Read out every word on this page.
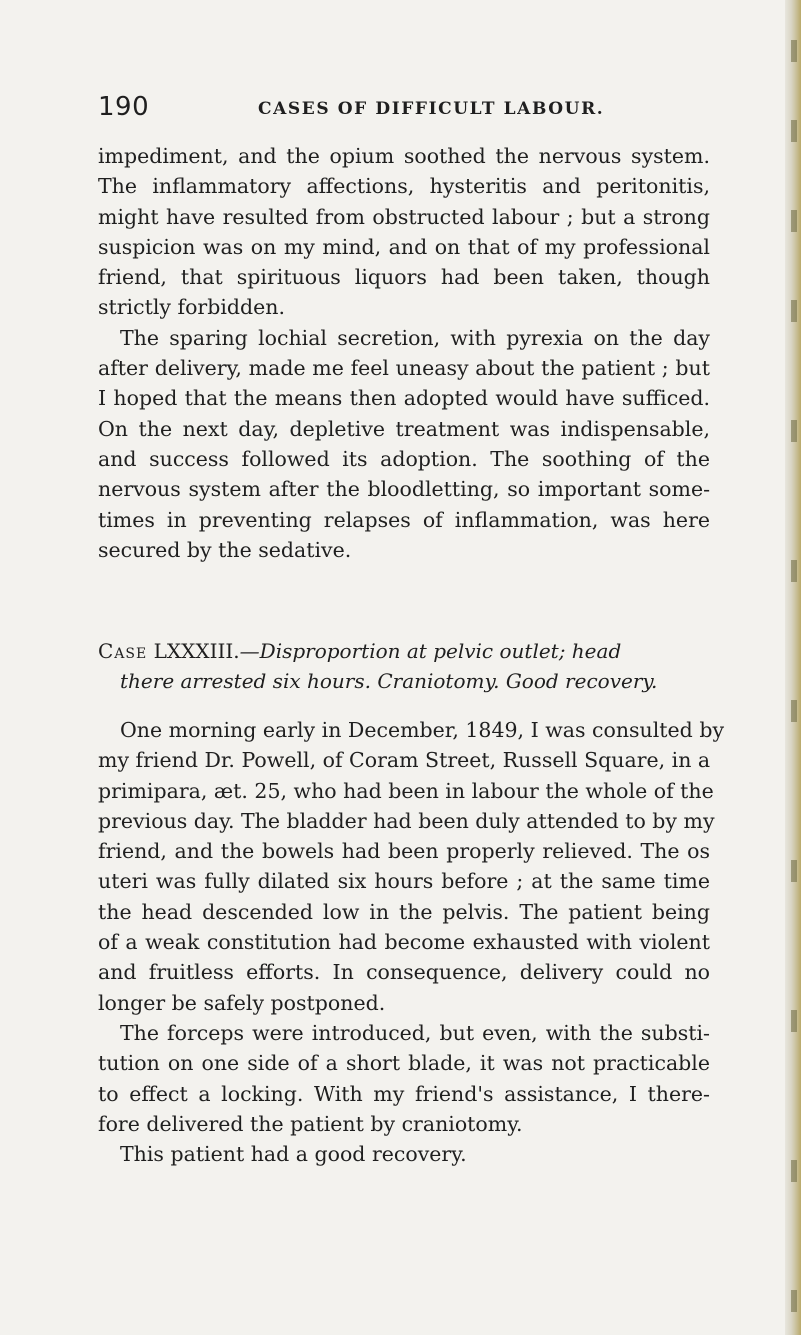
190	CASES OF DIFFICULT LABOUR.
impediment, and the opium soothed the nervous system.
The inflammatory affections, hysteritis and peritonitis,
might have resulted from obstructed labour ; but a strong
suspicion was on my mind, and on that of my professional
friend, that spirituous liquors had been taken, though
strictly forbidden.
The sparing lochial secretion, with pyrexia on the day
after delivery, made me feel uneasy about the patient ; but
I hoped that the means then adopted would have sufficed.
On the next day, depletive treatment was indispensable,
and success followed its adoption. The soothing of the
nervous system after the bloodletting, so important some-
times in preventing relapses of inflammation, was here
secured by the sedative.
Case LXXXIII.—Disproportion at pelvic outlet; head
there arrested six hours. Craniotomy. Good recovery.
One morning early in December, 1849, I was consulted by
my friend Dr. Powell, of Coram Street, Russell Square, in a
primipara, æt. 25, who had been in labour the whole of the
previous day. The bladder had been duly attended to by my
friend, and the bowels had been properly relieved. The os
uteri was fully dilated six hours before ; at the same time
the head descended low in the pelvis. The patient being
of a weak constitution had become exhausted with violent
and fruitless efforts. In consequence, delivery could no
longer be safely postponed.
The forceps were introduced, but even, with the substi-
tution on one side of a short blade, it was not practicable
to effect a locking. With my friend's assistance, I there-
fore delivered the patient by craniotomy.
This patient had a good recovery.
